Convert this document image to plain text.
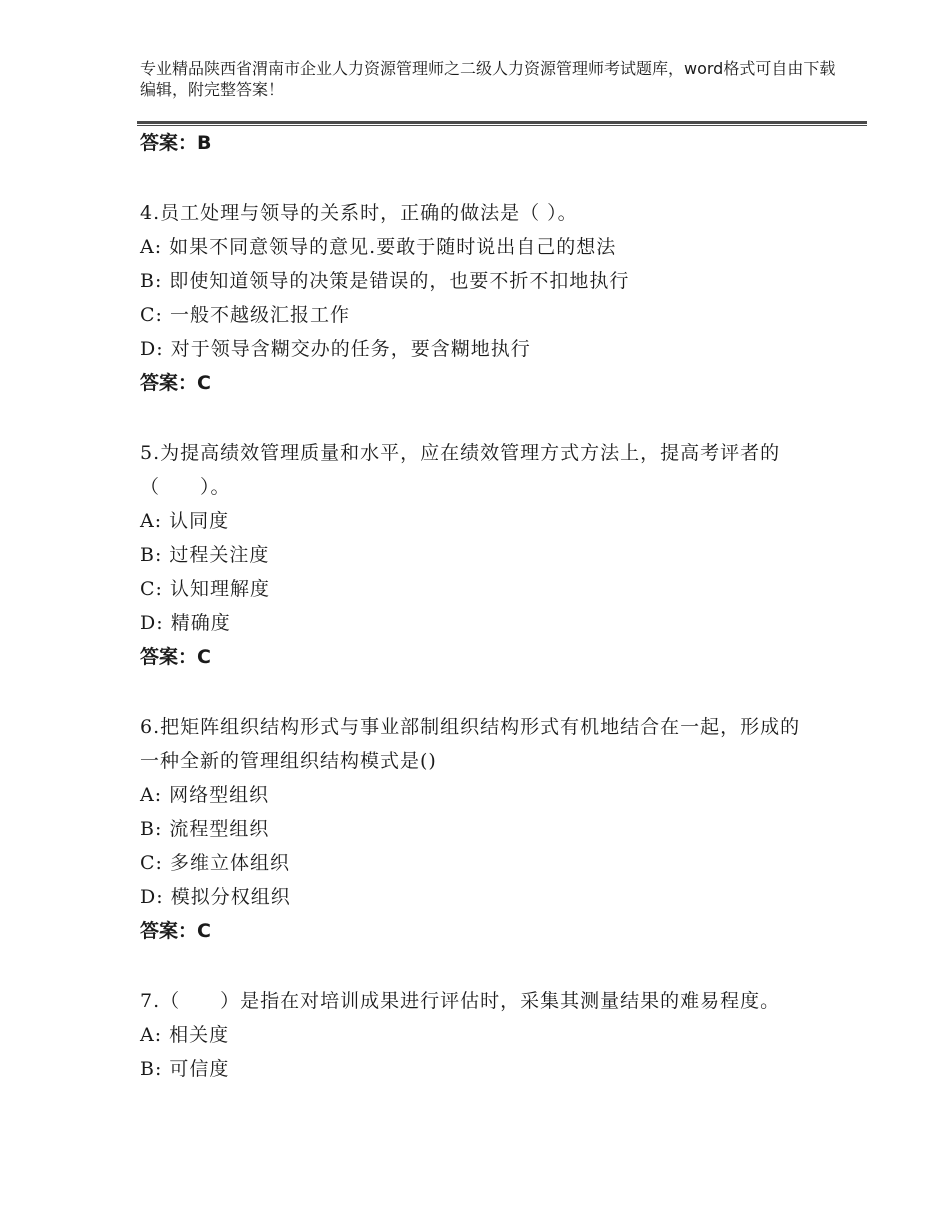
专业精品陕西省渭南市企业人力资源管理师之二级人力资源管理师考试题库，word格式可自由下载编辑，附完整答案！
答案：B
4.员工处理与领导的关系时，正确的做法是（ ）。
A: 如果不同意领导的意见.要敢于随时说出自己的想法
B: 即使知道领导的决策是错误的，也要不折不扣地执行
C: 一般不越级汇报工作
D: 对于领导含糊交办的任务，要含糊地执行
答案：C
5.为提高绩效管理质量和水平，应在绩效管理方式方法上，提高考评者的（　　）。
A: 认同度
B: 过程关注度
C: 认知理解度
D: 精确度
答案：C
6.把矩阵组织结构形式与事业部制组织结构形式有机地结合在一起，形成的一种全新的管理组织结构模式是()
A: 网络型组织
B: 流程型组织
C: 多维立体组织
D: 模拟分权组织
答案：C
7.（　　）是指在对培训成果进行评估时，采集其测量结果的难易程度。
A: 相关度
B: 可信度
